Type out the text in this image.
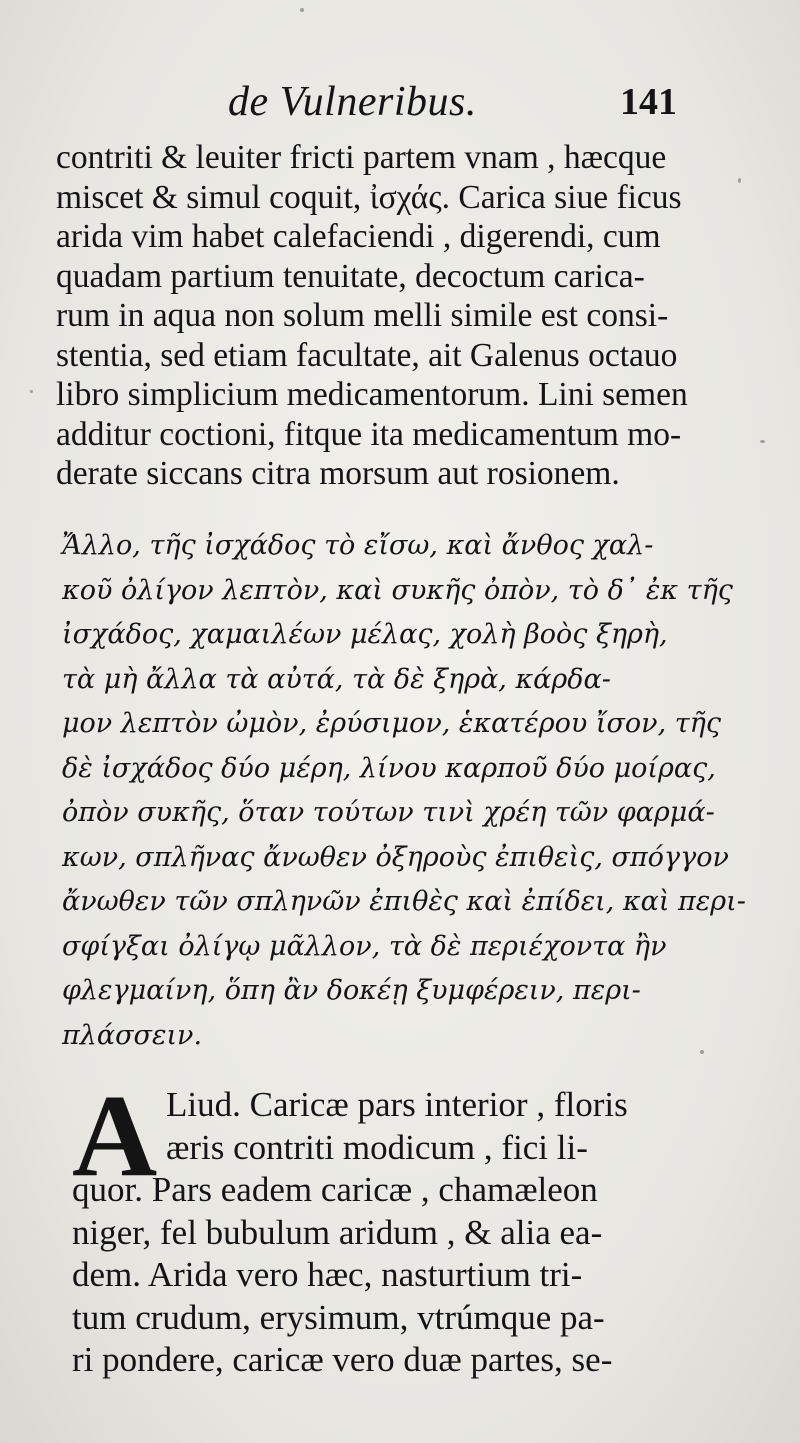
de Vulneribus.	141
contriti & leuiter fricti partem vnam , hæcque
miscet & simul coquit, ἰσχάς. Carica siue ficus
arida vim habet calefaciendi , digerendi, cum
quadam partium tenuitate, decoctum carica-
rum in aqua non solum melli simile est consi-
stentia, sed etiam facultate, ait Galenus octauo
libro simplicium medicamentorum. Lini semen
additur coctioni, fitque ita medicamentum mo-
derate siccans citra morsum aut rosionem.
Ἄλλο, τῆς ἰσχάδος τὸ εἴσω, καὶ ἄνθος χαλ-
κοῦ ὀλίγον λεπτὸν, καὶ συκῆς ὀπὸν, τὸ δ᾽ ἐκ τῆς
ἰσχάδος, χαμαιλέων μέλας, χολὴ βοὸς ξηρὴ,
τὰ μὴ ἄλλα τὰ αὐτά, τὰ δὲ ξηρὰ, κάρδα-
μον λεπτὸν ὠμὸν, ἐρύσιμον, ἑκατέρου ἴσον, τῆς
δὲ ἰσχάδος δύο μέρη, λίνου καρποῦ δύο μοίρας,
ὀπὸν συκῆς, ὅταν τούτων τινὶ χρέη τῶν φαρμά-
κων, σπλῆνας ἄνωθεν ὀξηροὺς ἐπιθεὶς, σπόγγον
ἄνωθεν τῶν σπληνῶν ἐπιθὲς καὶ ἐπίδει, καὶ περι-
σφίγξαι ὀλίγῳ μᾶλλον, τὰ δὲ περιέχοντα ἢν
φλεγμαίνη, ὅπη ἂν δοκέῃ ξυμφέρειν, περι-
πλάσσειν.
A Liud. Caricæ pars interior , floris
æris contriti modicum , fici li-
quor. Pars eadem caricæ , chamæleon
niger, fel bubulum aridum , & alia ea-
dem. Arida vero hæc, nasturtium tri-
tum crudum, erysimum, vtrúmque pa-
ri pondere, caricæ vero duæ partes, se-
